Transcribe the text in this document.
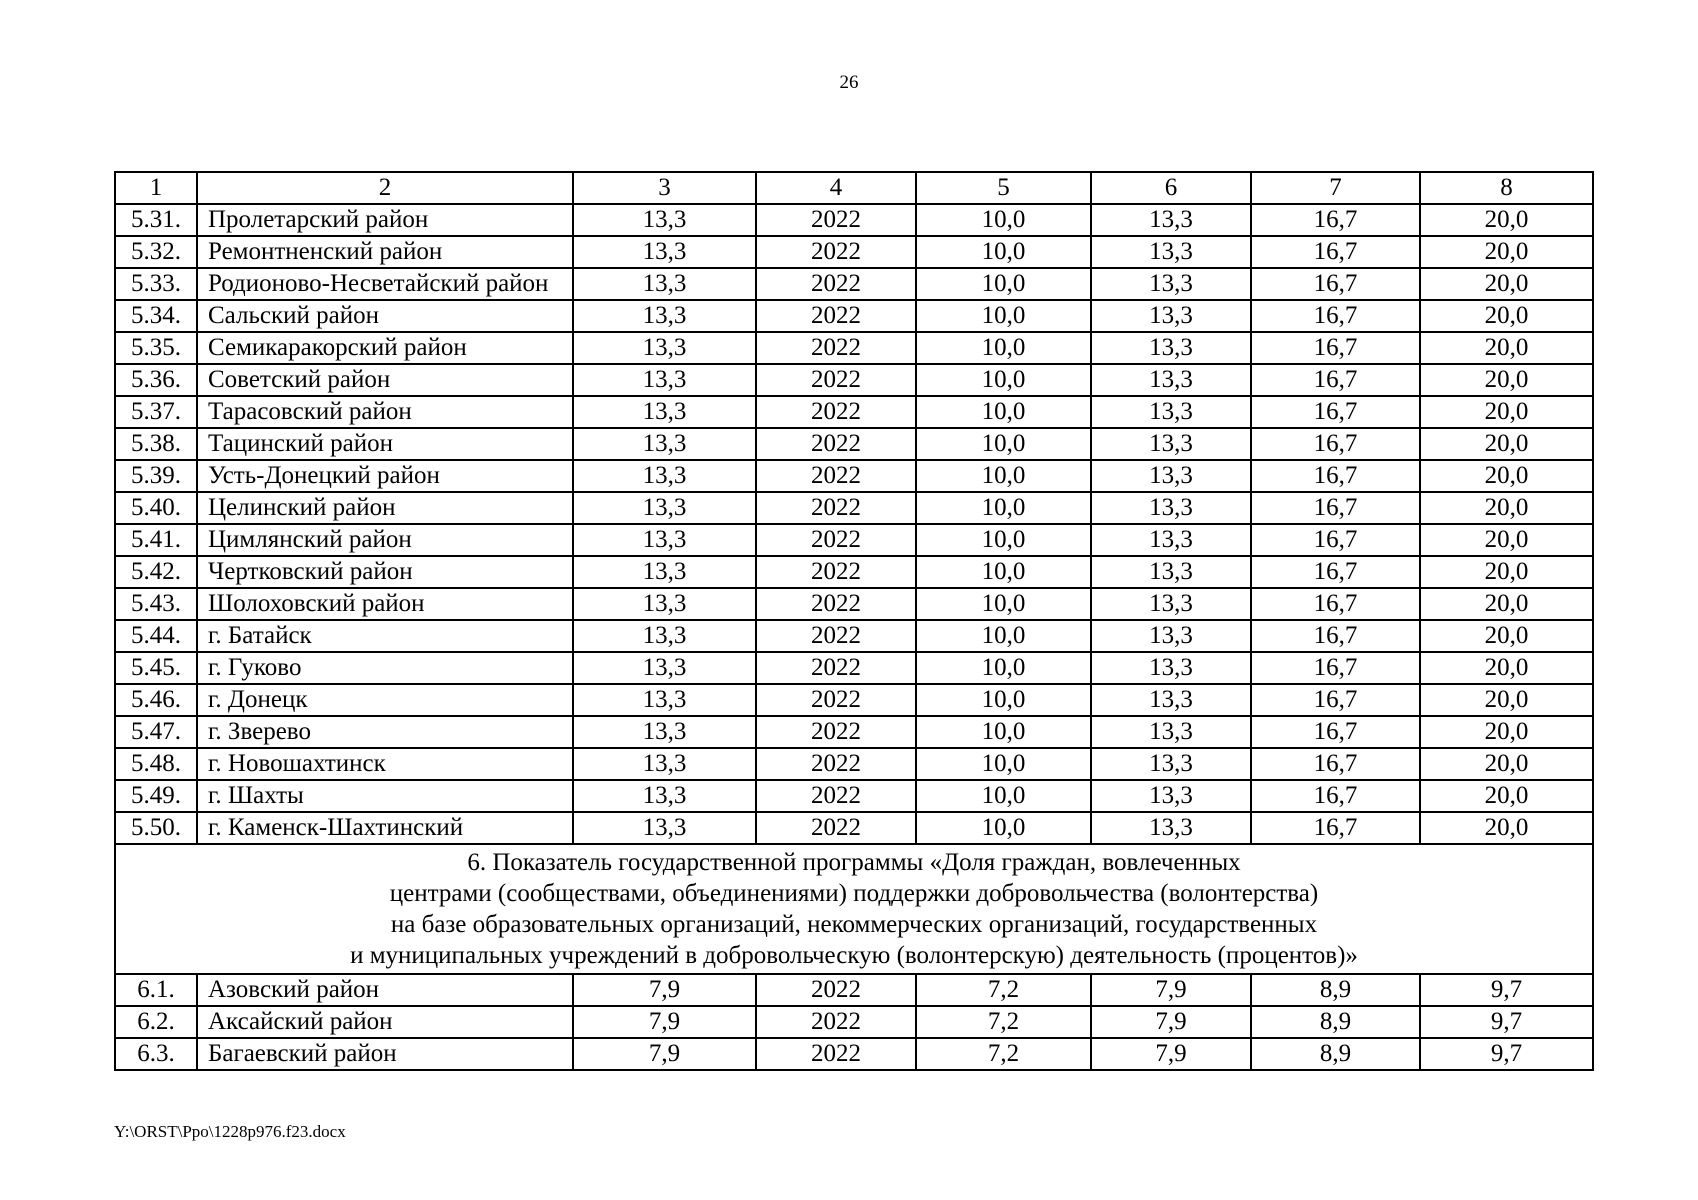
26
1	2	3	4	5	6	7	8
5.31.	Пролетарский район	13,3	2022	10,0	13,3	16,7	20,0
5.32.	Ремонтненский район	13,3	2022	10,0	13,3	16,7	20,0
5.33.	Родионово-Несветайский район	13,3	2022	10,0	13,3	16,7	20,0
5.34.	Сальский район	13,3	2022	10,0	13,3	16,7	20,0
5.35.	Семикаракорский район	13,3	2022	10,0	13,3	16,7	20,0
5.36.	Советский район	13,3	2022	10,0	13,3	16,7	20,0
5.37.	Тарасовский район	13,3	2022	10,0	13,3	16,7	20,0
5.38.	Тацинский район	13,3	2022	10,0	13,3	16,7	20,0
5.39.	Усть-Донецкий район	13,3	2022	10,0	13,3	16,7	20,0
5.40.	Целинский район	13,3	2022	10,0	13,3	16,7	20,0
5.41.	Цимлянский район	13,3	2022	10,0	13,3	16,7	20,0
5.42.	Чертковский район	13,3	2022	10,0	13,3	16,7	20,0
5.43.	Шолоховский район	13,3	2022	10,0	13,3	16,7	20,0
5.44.	г. Батайск	13,3	2022	10,0	13,3	16,7	20,0
5.45.	г. Гуково	13,3	2022	10,0	13,3	16,7	20,0
5.46.	г. Донецк	13,3	2022	10,0	13,3	16,7	20,0
5.47.	г. Зверево	13,3	2022	10,0	13,3	16,7	20,0
5.48.	г. Новошахтинск	13,3	2022	10,0	13,3	16,7	20,0
5.49.	г. Шахты	13,3	2022	10,0	13,3	16,7	20,0
5.50.	г. Каменск-Шахтинский	13,3	2022	10,0	13,3	16,7	20,0

6. Показатель государственной программы «Доля граждан, вовлеченных
центрами (сообществами, объединениями) поддержки добровольчества (волонтерства)
на базе образовательных организаций, некоммерческих организаций, государственных
и муниципальных учреждений в добровольческую (волонтерскую) деятельность (процентов)»							

6.1.	Азовский район	7,9	2022	7,2	7,9	8,9	9,7
6.2.	Аксайский район	7,9	2022	7,2	7,9	8,9	9,7
6.3.	Багаевский район	7,9	2022	7,2	7,9	8,9	9,7
Y:\ORST\Ppo\1228p976.f23.docx
